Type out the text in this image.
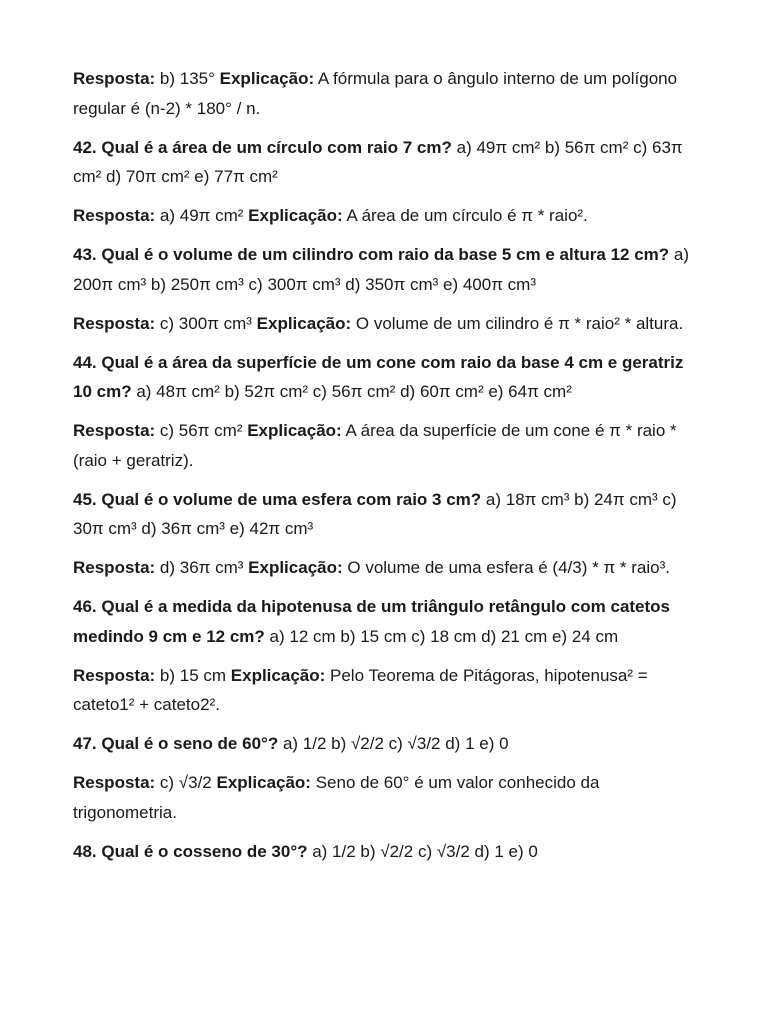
Resposta: b) 135° Explicação: A fórmula para o ângulo interno de um polígono regular é (n-2) * 180° / n.

42. Qual é a área de um círculo com raio 7 cm? a) 49π cm² b) 56π cm² c) 63π cm² d) 70π cm² e) 77π cm²

Resposta: a) 49π cm² Explicação: A área de um círculo é π * raio².

43. Qual é o volume de um cilindro com raio da base 5 cm e altura 12 cm? a) 200π cm³ b) 250π cm³ c) 300π cm³ d) 350π cm³ e) 400π cm³

Resposta: c) 300π cm³ Explicação: O volume de um cilindro é π * raio² * altura.

44. Qual é a área da superfície de um cone com raio da base 4 cm e geratriz 10 cm? a) 48π cm² b) 52π cm² c) 56π cm² d) 60π cm² e) 64π cm²

Resposta: c) 56π cm² Explicação: A área da superfície de um cone é π * raio * (raio + geratriz).

45. Qual é o volume de uma esfera com raio 3 cm? a) 18π cm³ b) 24π cm³ c) 30π cm³ d) 36π cm³ e) 42π cm³

Resposta: d) 36π cm³ Explicação: O volume de uma esfera é (4/3) * π * raio³.

46. Qual é a medida da hipotenusa de um triângulo retângulo com catetos medindo 9 cm e 12 cm? a) 12 cm b) 15 cm c) 18 cm d) 21 cm e) 24 cm

Resposta: b) 15 cm Explicação: Pelo Teorema de Pitágoras, hipotenusa² = cateto1² + cateto2².

47. Qual é o seno de 60°? a) 1/2 b) √2/2 c) √3/2 d) 1 e) 0

Resposta: c) √3/2 Explicação: Seno de 60° é um valor conhecido da trigonometria.

48. Qual é o cosseno de 30°? a) 1/2 b) √2/2 c) √3/2 d) 1 e) 0
